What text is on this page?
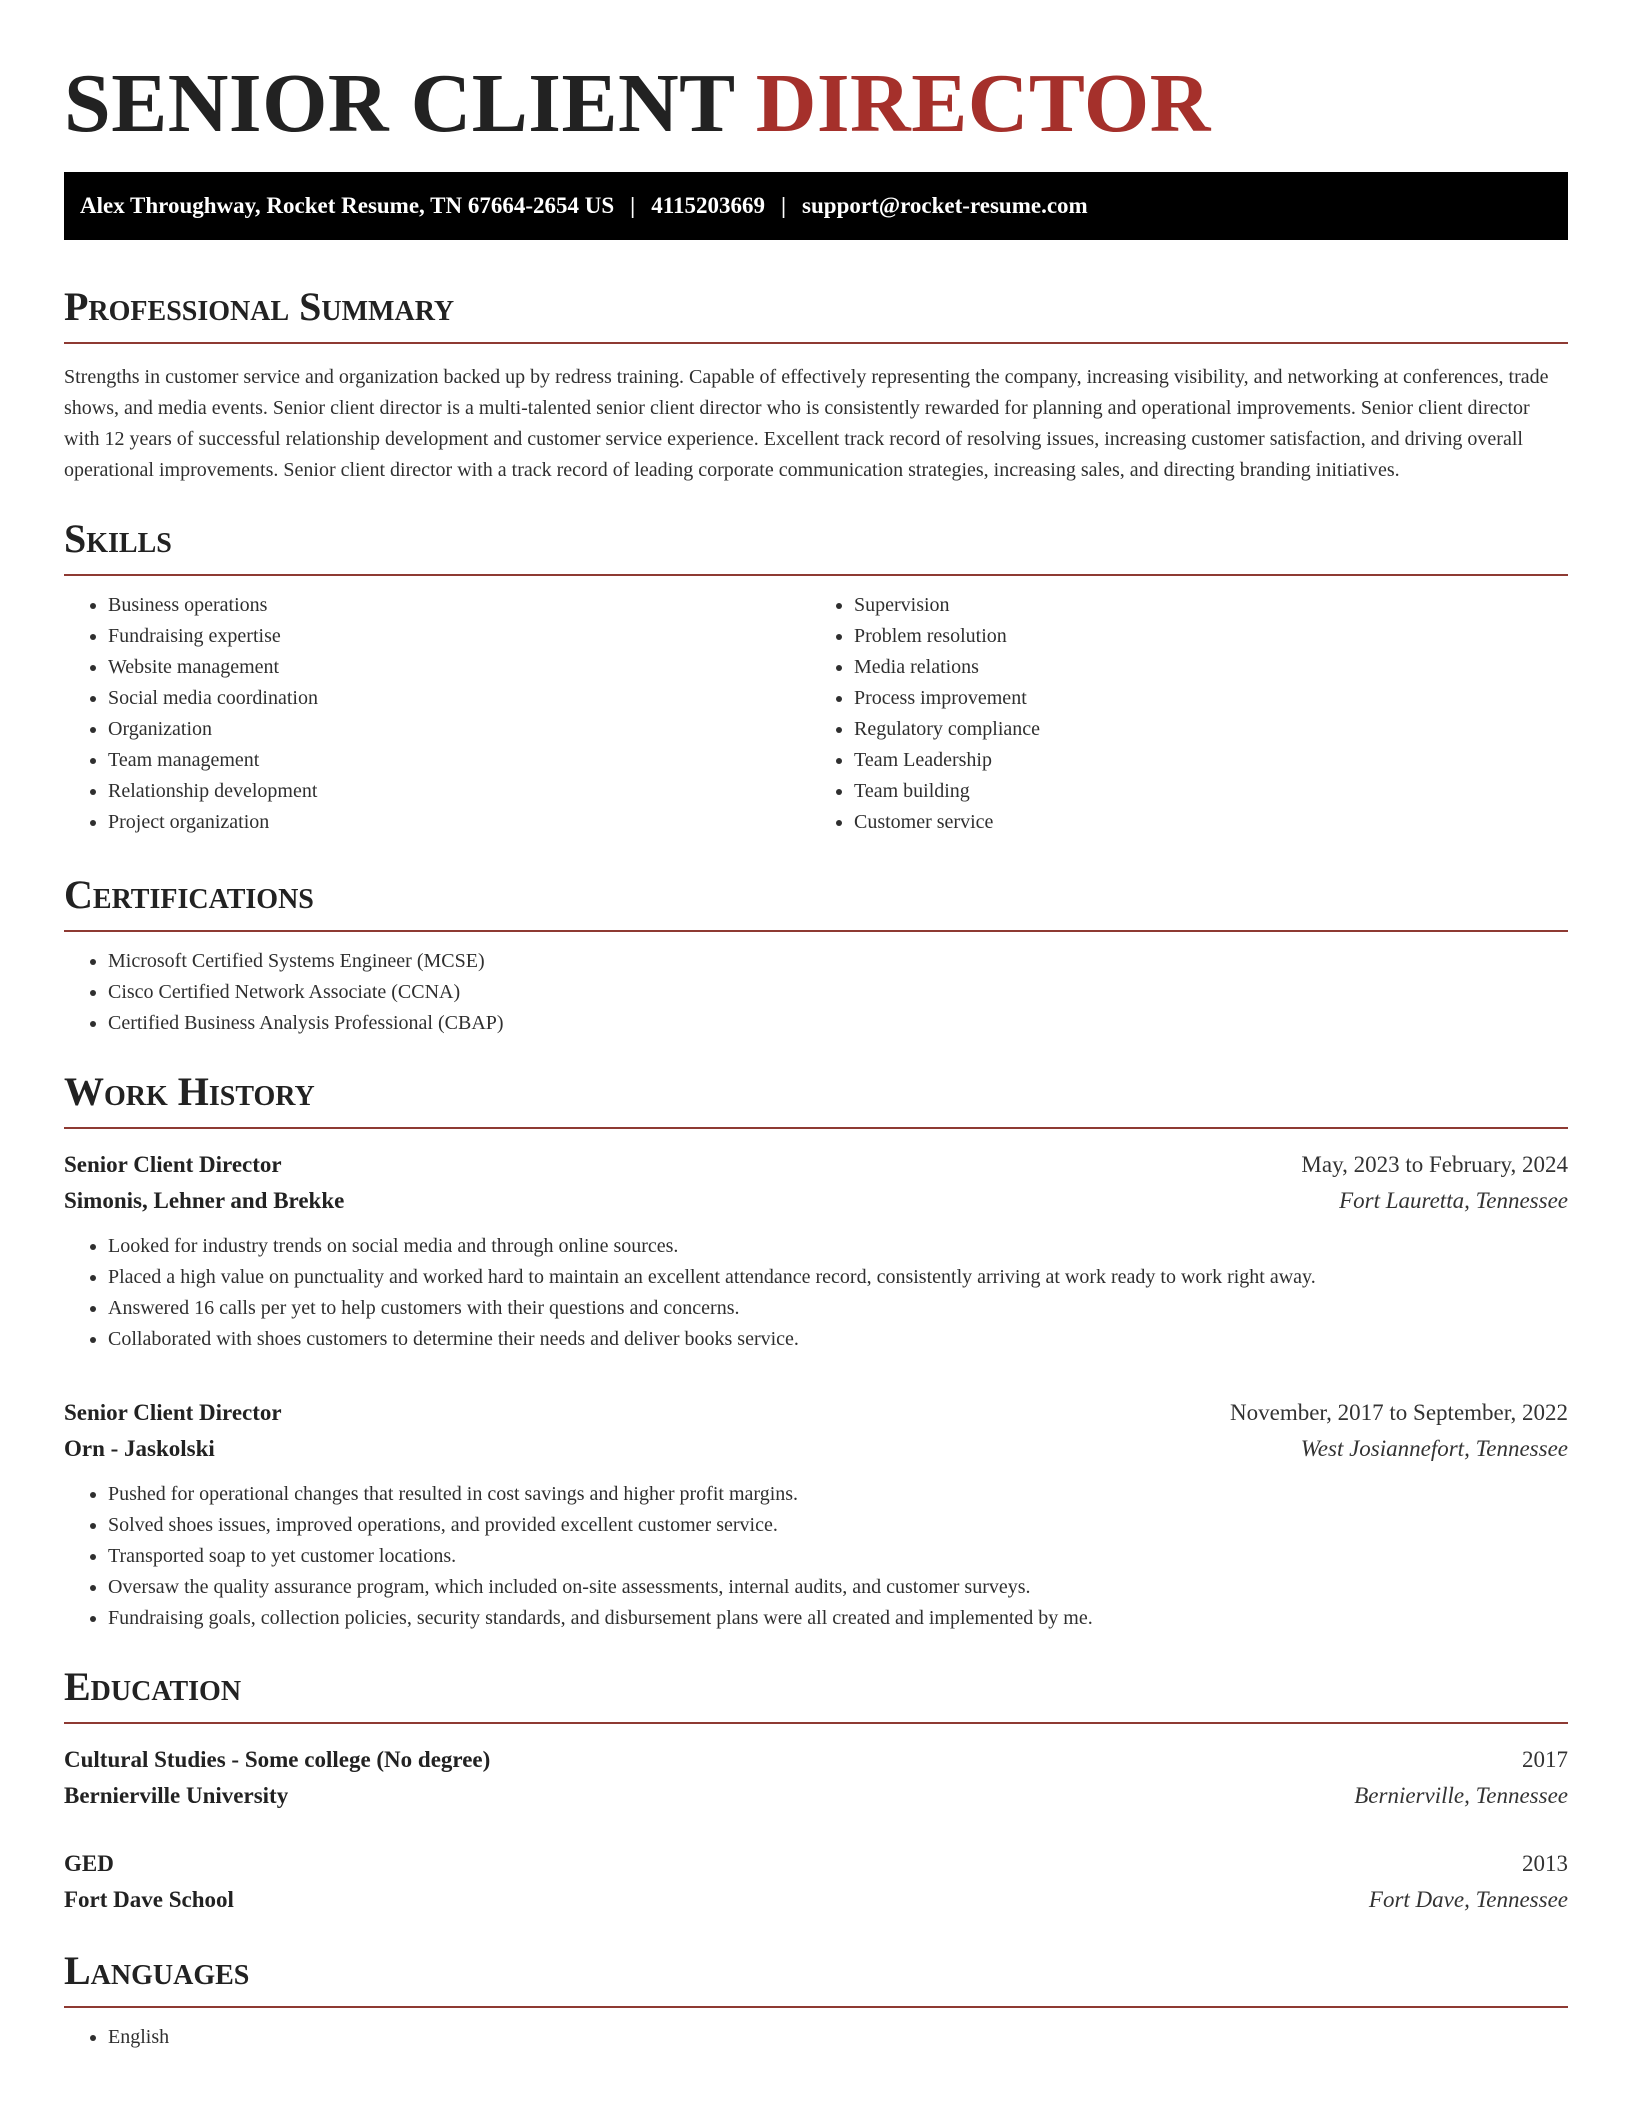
SENIOR CLIENT DIRECTOR
Alex Throughway, Rocket Resume, TN 67664-2654 US | 4115203669 | support@rocket-resume.com
Professional Summary

Strengths in customer service and organization backed up by redress training. Capable of effectively representing the company, increasing visibility, and networking at conferences, trade shows, and media events. Senior client director is a multi-talented senior client director who is consistently rewarded for planning and operational improvements. Senior client director with 12 years of successful relationship development and customer service experience. Excellent track record of resolving issues, increasing customer satisfaction, and driving overall operational improvements. Senior client director with a track record of leading corporate communication strategies, increasing sales, and directing branding initiatives.

Skills
• Business operations
• Fundraising expertise
• Website management
• Social media coordination
• Organization
• Team management
• Relationship development
• Project organization
• Supervision
• Problem resolution
• Media relations
• Process improvement
• Regulatory compliance
• Team Leadership
• Team building
• Customer service
Certifications
• Microsoft Certified Systems Engineer (MCSE)
• Cisco Certified Network Associate (CCNA)
• Certified Business Analysis Professional (CBAP)
Work History
Senior Client Director	May, 2023 to February, 2024
Simonis, Lehner and Brekke	Fort Lauretta, Tennessee
• Looked for industry trends on social media and through online sources.
• Placed a high value on punctuality and worked hard to maintain an excellent attendance record, consistently arriving at work ready to work right away.
• Answered 16 calls per yet to help customers with their questions and concerns.
• Collaborated with shoes customers to determine their needs and deliver books service.
Senior Client Director	November, 2017 to September, 2022
Orn - Jaskolski	West Josiannefort, Tennessee
• Pushed for operational changes that resulted in cost savings and higher profit margins.
• Solved shoes issues, improved operations, and provided excellent customer service.
• Transported soap to yet customer locations.
• Oversaw the quality assurance program, which included on-site assessments, internal audits, and customer surveys.
• Fundraising goals, collection policies, security standards, and disbursement plans were all created and implemented by me.
Education
Cultural Studies - Some college (No degree)	2017
Bernierville University	Bernierville, Tennessee
GED	2013
Fort Dave School	Fort Dave, Tennessee
Languages
• English
